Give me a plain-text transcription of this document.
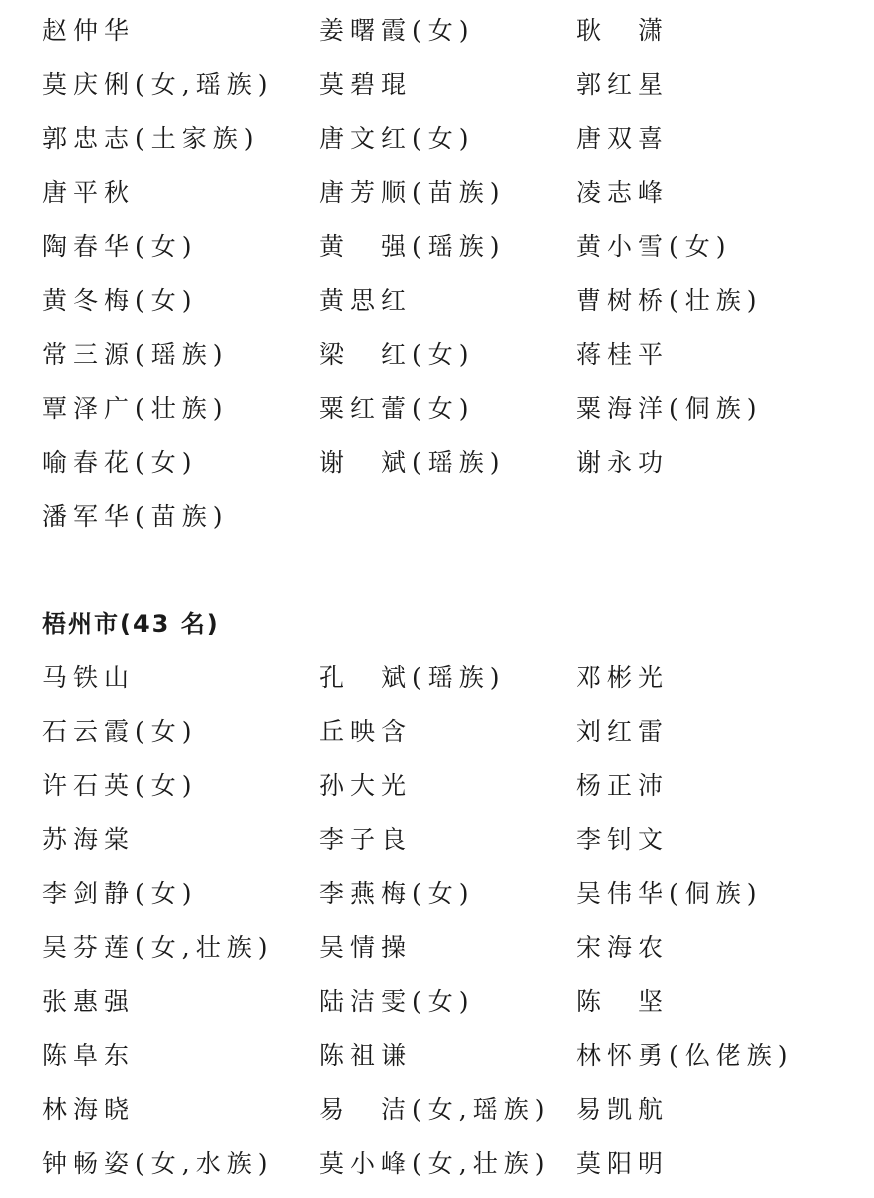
赵仲华	姜曙霞(女)	耿　潇
莫庆俐(女,瑶族) 莫碧琨	郭红星
郭忠志(土家族) 唐文红(女)	唐双喜
唐平秋	唐芳顺(苗族)	凌志峰
陶春华(女)	黄　强(瑶族)	黄小雪(女)
黄冬梅(女)	黄思红	曹树桥(壮族)
常三源(瑶族)	梁　红(女)	蒋桂平
覃泽广(壮族)	粟红蕾(女)	粟海洋(侗族)
喻春花(女)	谢　斌(瑶族)	谢永功
潘军华(苗族)
梧州市(43 名)
马铁山	孔　斌(瑶族)	邓彬光
石云霞(女)	丘映含	刘红雷
许石英(女)	孙大光	杨正沛
苏海棠	李子良	李钊文
李剑静(女)	李燕梅(女)	吴伟华(侗族)
吴芬莲(女,壮族) 吴情操	宋海农
张惠强	陆洁雯(女)	陈　坚
陈阜东	陈祖谦	林怀勇(仫佬族)
林海晓	易　洁(女,瑶族) 易凯航
钟畅姿(女,水族) 莫小峰(女,壮族) 莫阳明
